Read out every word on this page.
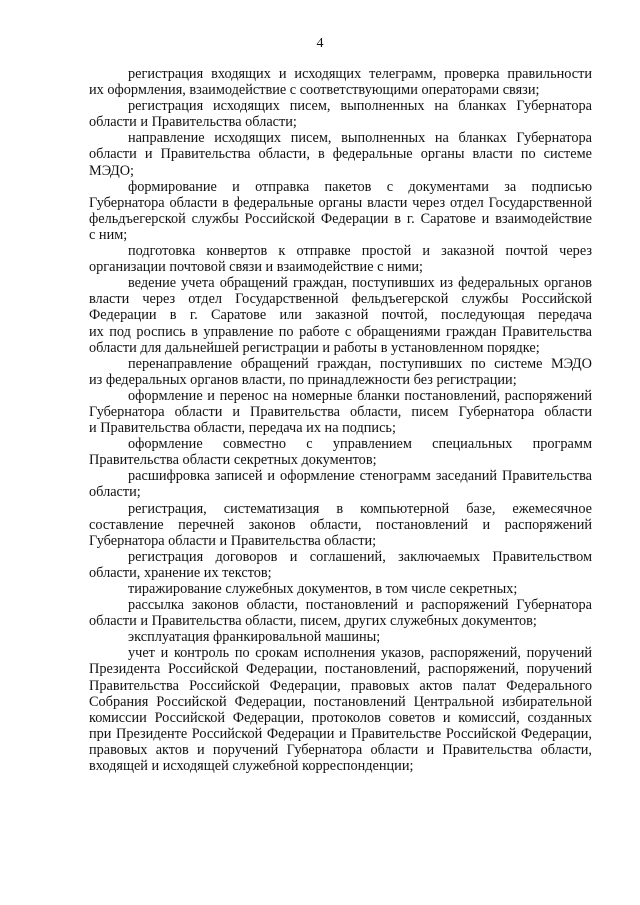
4
регистрация входящих и исходящих телеграмм, проверка правильности
их оформления, взаимодействие с соответствующими операторами связи;
регистрация исходящих писем, выполненных на бланках Губернатора
области и Правительства области;
направление исходящих писем, выполненных на бланках Губернатора
области и Правительства области, в федеральные органы власти по системе
МЭДО;
формирование и отправка пакетов с документами за подписью
Губернатора области в федеральные органы власти через отдел Государственной
фельдъегерской службы Российской Федерации в г. Саратове и взаимодействие
с ним;
подготовка конвертов к отправке простой и заказной почтой через
организации почтовой связи и взаимодействие с ними;
ведение учета обращений граждан, поступивших из федеральных органов
власти через отдел Государственной фельдъегерской службы Российской
Федерации в г. Саратове или заказной почтой, последующая передача
их под роспись в управление по работе с обращениями граждан Правительства
области для дальнейшей регистрации и работы в установленном порядке;
перенаправление обращений граждан, поступивших по системе МЭДО
из федеральных органов власти, по принадлежности без регистрации;
оформление и перенос на номерные бланки постановлений, распоряжений
Губернатора области и Правительства области, писем Губернатора области
и Правительства области, передача их на подпись;
оформление совместно с управлением специальных программ
Правительства области секретных документов;
расшифровка записей и оформление стенограмм заседаний Правительства
области;
регистрация, систематизация в компьютерной базе, ежемесячное
составление перечней законов области, постановлений и распоряжений
Губернатора области и Правительства области;
регистрация договоров и соглашений, заключаемых Правительством
области, хранение их текстов;
тиражирование служебных документов, в том числе секретных;
рассылка законов области, постановлений и распоряжений Губернатора
области и Правительства области, писем, других служебных документов;
эксплуатация франкировальной машины;
учет и контроль по срокам исполнения указов, распоряжений, поручений
Президента Российской Федерации, постановлений, распоряжений, поручений
Правительства Российской Федерации, правовых актов палат Федерального
Собрания Российской Федерации, постановлений Центральной избирательной
комиссии Российской Федерации, протоколов советов и комиссий, созданных
при Президенте Российской Федерации и Правительстве Российской Федерации,
правовых актов и поручений Губернатора области и Правительства области,
входящей и исходящей служебной корреспонденции;
